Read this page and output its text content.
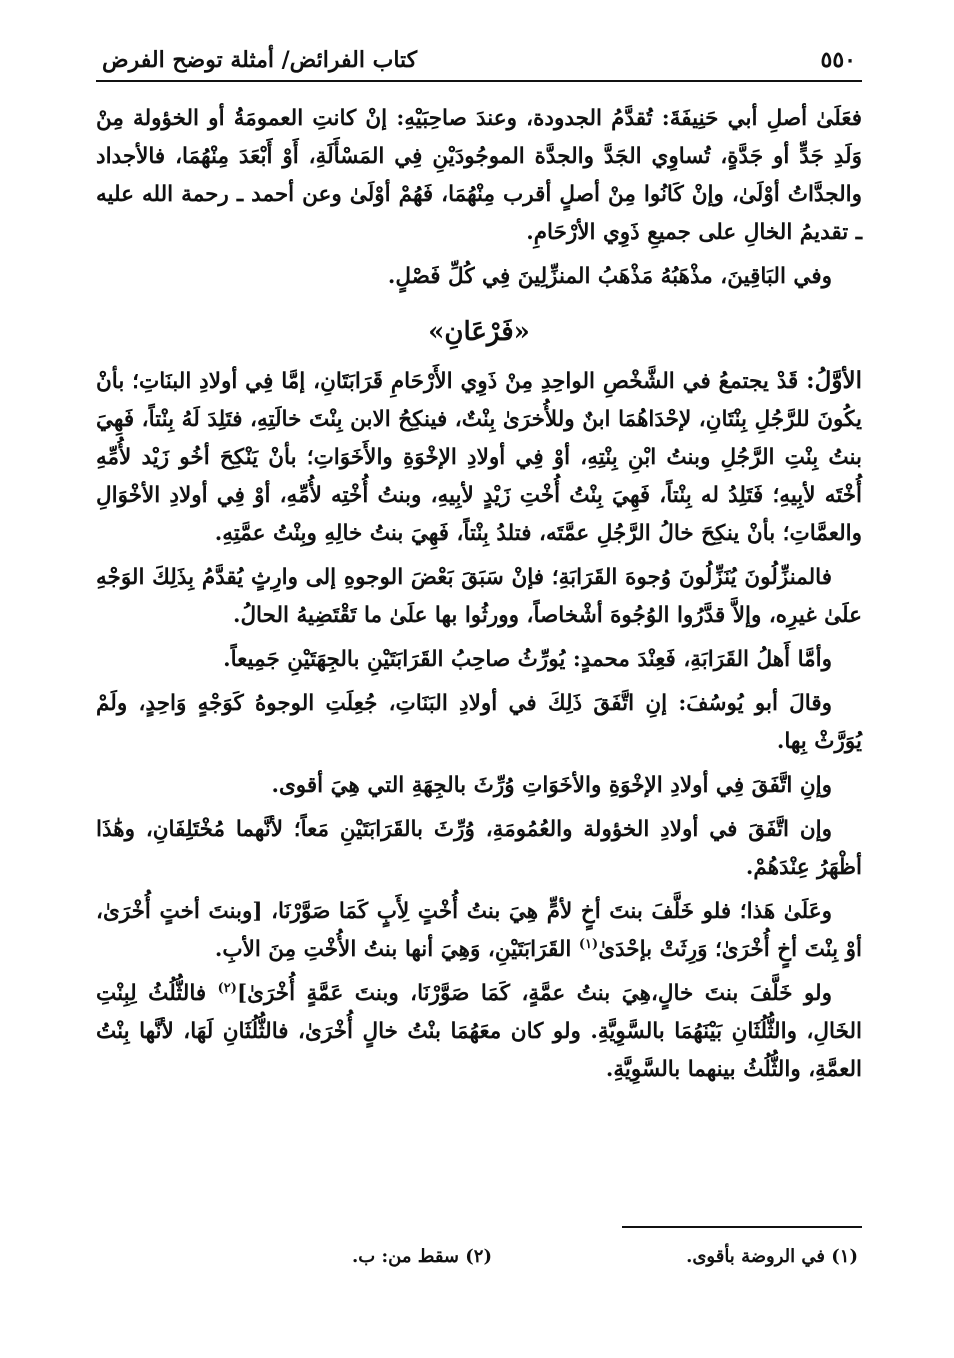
٥٥٠
كتاب الفرائض/ أمثلة توضح الفرض

فعَلَىٰ أصلِ أبي حَنِيفَةَ: تُقدَّمُ الجدودة، وعندَ صاحِبَيْهِ: إنْ كانتِ العمومَةُ أو الخؤولة مِنْ وَلَدِ جَدٍّ أو جَدَّةٍ، تُساوِي الجَدَّ والجدَّة الموجُودَيْنِ فِي المَسْأَلَةِ، أَوْ أَبْعَدَ مِنْهُمَا، فالأجداد والجدَّاتُ أوْلَىٰ، وإنْ كَانُوا مِنْ أصلٍ أقرب مِنْهُمَا، فَهُمْ أوْلَىٰ وعن أحمد ـ رحمة الله عليه ـ تقديمُ الخالِ على جميعِ ذَوِي الأرْحَامِ.

وفي البَاقِينَ، مذْهَبُهُ مَذْهَبُ المنزِّلِينَ فِي كُلِّ فَصْلٍ.

«فَرْعَانِ»

الأوَّلُ: قَدْ يجتمعُ في الشَّخْصِ الواحِدِ مِنْ ذَوِي الأَرْحَامِ قَرَابَتَانِ، إمَّا فِي أولادِ البنَاتِ؛ بأنْ يكُونَ للرَّجُلِ بِنْتَانِ، لإحْدَاهُمَا ابنٌ وللأُخرَىٰ بِنْتٌ، فينكِحُ الابن بِنْتَ خالَتِهِ، فتَلِدَ لَهُ بِنْتاً، فَهِيَ بنتُ بِنْتِ الرَّجُلِ وبنتُ ابْنِ بِنْتِهِ، أوْ فِي أولادِ الإخْوَةِ والأَخَوَاتِ؛ بأنْ يَنْكِحَ أخُو زَيْد لأُمِّهِ أُخْتَه لأبِيهِ؛ فَتَلِدُ له بِنْتاً، فَهِيَ بِنْتُ أُخْتِ زَيْدٍ لأبِيهِ، وبنتُ أُخْتِه لأُمِّهِ، أوْ فِي أولادِ الأخْوَالِ والعمَّاتِ؛ بأنْ ينكِحَ خالُ الرَّجُلِ عمَّتَه، فتلدُ بِنْتاً، فَهِيَ بنتُ خالِهِ وبِنْتُ عمَّتِهِ.

فالمنزِّلُونَ يُنَزِّلُونَ وُجوهَ القَرَابَةِ؛ فإنْ سَبَقَ بَعْضَ الوجوهِ إلى وارِثٍ يُقدَّمُ بِذَلِكَ الوَجْهِ علَىٰ غيرِه، وإلاَّ قدَّرُوا الوُجُوهَ أشْخاصاً، وورثُوا بها علَىٰ ما تَقْتَضِيهُ الحالُ.

وأمَّا أَهلُ القَرَابَةِ، فَعِنْدَ محمدٍ: يُورِّثُ صاحِبُ القَرَابَتَيْنِ بالجِهَتَيْنِ جَمِيعاً.

وقالَ أبو يُوسُفَ: إنِ اتَّفَقَ ذَلِكَ في أولادِ البَنَاتِ، جُعِلَتِ الوجوهُ كَوَجْهٍ وَاحِدٍ، ولَمْ يُوَرَّثْ بِها.

وإنِ اتَّفَقَ فِي أولادِ الإخْوَةِ والأخَوَاتِ وُرِّثَ بالجِهَةِ التي هِيَ أقوى.

وإن اتَّفَقَ في أولادِ الخؤولة والعُمُومَةِ، وُرِّثَ بالقَرَابَتَيْنِ مَعاً؛ لأنَّهما مُخْتَلِفَانِ، وهَٰذَا أظْهَرُ عِنْدَهُمْ.

وعَلَىٰ هَذا؛ فلو خَلَّفَ بنتَ أخٍ لأمٍّ هِيَ بنتُ أُخْتٍ لِأَبٍ كَمَا صَوَّرْنَا، [وبنتَ أختٍ أُخْرَىٰ، أوْ بِنْتَ أخٍ أُخْرَىٰ؛ وَرِثَتْ بإحْدَىٰ$^{(١)}$ القَرَابَتَيْنِ، وَهِيَ أنها بنتُ الأُخْتِ مِنَ الأبِ.

ولو خَلَّفَ بنتَ خالٍ،هِيَ بنتُ عمَّةٍ، كَمَا صَوَّرْنَا، وبنتَ عَمَّةٍ أُخْرَىٰ]$^{(٢)}$ فالثُّلُثُ لِبِنْتِ الخَالِ، والثُّلُثَانِ بَيْنَهُمَا بالسَّوِيَّةِ. ولو كان معَهُمَا بنْتُ خالٍ أُخْرَىٰ، فالثُّلُثَانِ لَهَا، لأنَّها بِنْتُ العمَّةِ، والثُّلُثُ بينهما بالسَّوِيَّةِ.

(١) في الروضة بأقوى.
(٢) سقط من: ب.
